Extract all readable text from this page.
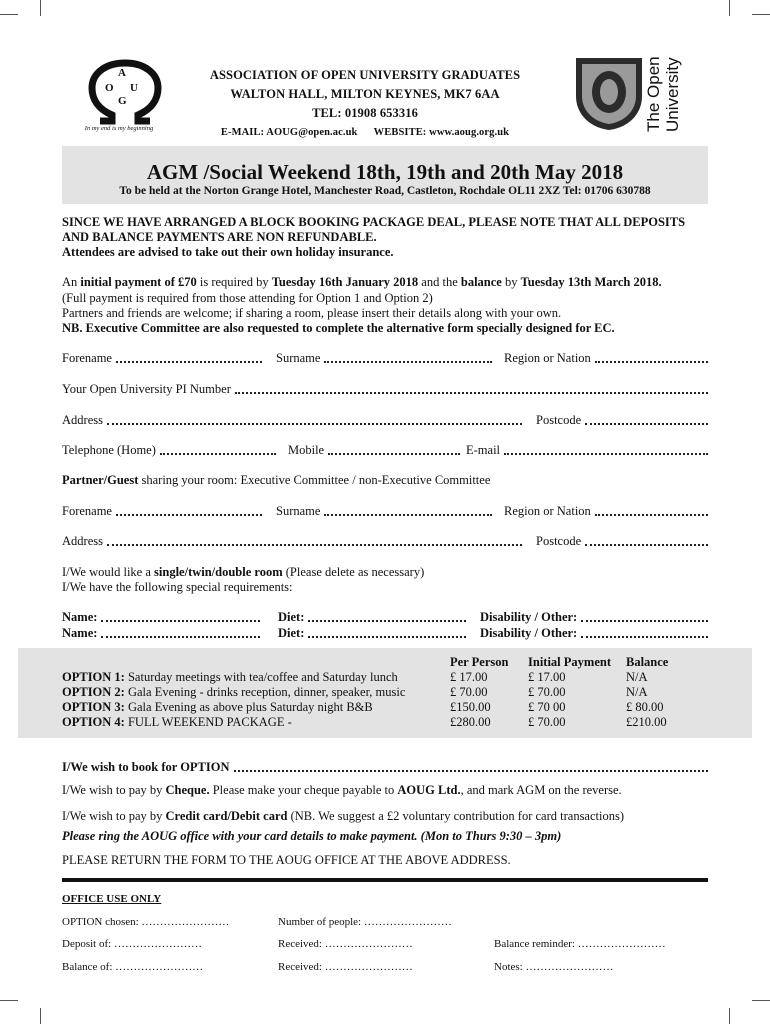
A
O U
G
In my end is my beginning
ASSOCIATION OF OPEN UNIVERSITY GRADUATES
WALTON HALL, MILTON KEYNES, MK7 6AA
TEL: 01908 653316
E-MAIL: AOUG@open.ac.uk WEBSITE: www.aoug.org.uk
The Open University
AGM /Social Weekend 18th, 19th and 20th May 2018
To be held at the Norton Grange Hotel, Manchester Road, Castleton, Rochdale OL11 2XZ Tel: 01706 630788
SINCE WE HAVE ARRANGED A BLOCK BOOKING PACKAGE DEAL, PLEASE NOTE THAT ALL DEPOSITS
AND BALANCE PAYMENTS ARE NON REFUNDABLE.
Attendees are advised to take out their own holiday insurance.
An initial payment of £70 is required by Tuesday 16th January 2018 and the balance by Tuesday 13th March 2018.
(Full payment is required from those attending for Option 1 and Option 2)
Partners and friends are welcome; if sharing a room, please insert their details along with your own.
NB. Executive Committee are also requested to complete the alternative form specially designed for EC.
Forename	Surname	Region or Nation
Your Open University PI Number
Address	Postcode
Telephone (Home)	Mobile	E-mail
Partner/Guest sharing your room: Executive Committee / non-Executive Committee
Forename	Surname	Region or Nation
Address	Postcode
I/We would like a single/twin/double room (Please delete as necessary)
I/We have the following special requirements:
Name:	Diet:	Disability / Other:
Name:	Diet:	Disability / Other:
	Per Person	Initial Payment	Balance
OPTION 1: Saturday meetings with tea/coffee and Saturday lunch	£ 17.00	£ 17.00	N/A
OPTION 2: Gala Evening - drinks reception, dinner, speaker, music	£ 70.00	£ 70.00	N/A
OPTION 3: Gala Evening as above plus Saturday night B&B	£150.00	£ 70 00	£ 80.00
OPTION 4: FULL WEEKEND PACKAGE -	£280.00	£ 70.00	£210.00
I/We wish to book for OPTION
I/We wish to pay by Cheque. Please make your cheque payable to AOUG Ltd., and mark AGM on the reverse.
I/We wish to pay by Credit card/Debit card (NB. We suggest a £2 voluntary contribution for card transactions)
Please ring the AOUG office with your card details to make payment. (Mon to Thurs 9:30 – 3pm)
PLEASE RETURN THE FORM TO THE AOUG OFFICE AT THE ABOVE ADDRESS.
OFFICE USE ONLY
OPTION chosen: ……………………	Number of people: ……………………
Deposit of: ……………………	Received: ……………………	Balance reminder: ……………………
Balance of: ……………………	Received: ……………………	Notes: ……………………
